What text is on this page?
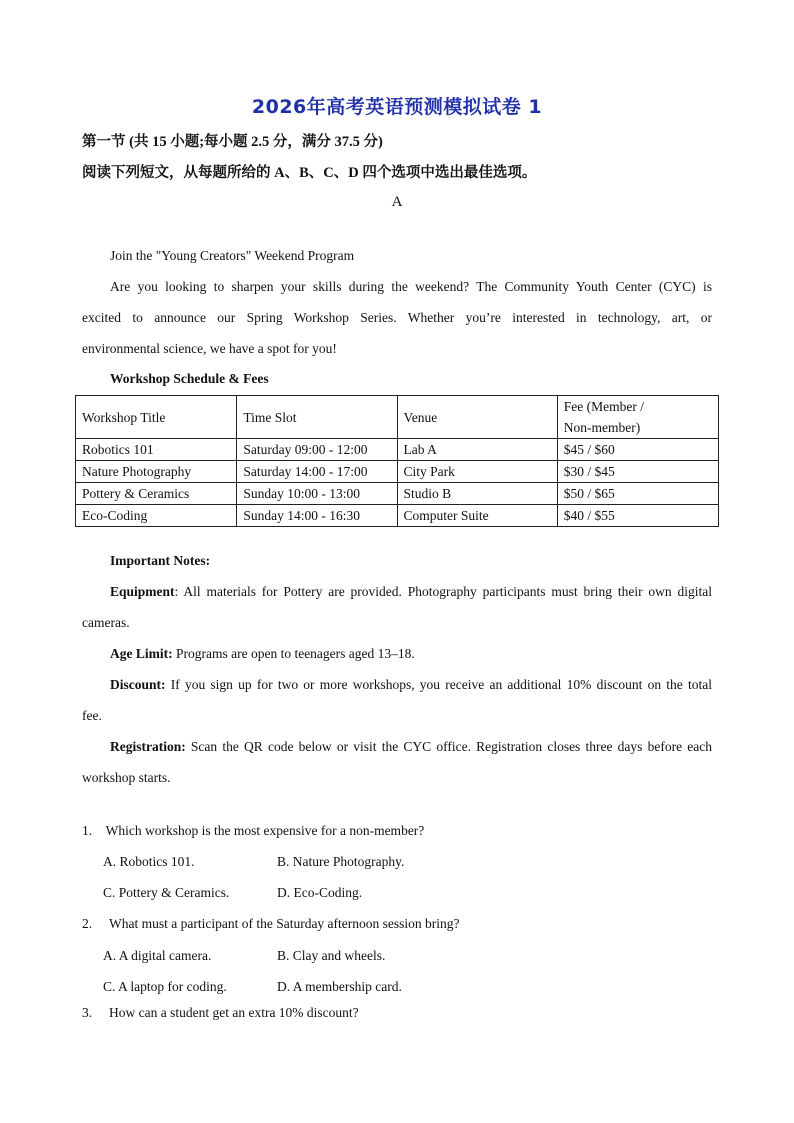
2026年高考英语预测模拟试卷 1
第一节 (共 15 小题;每小题 2.5 分，满分 37.5 分)
阅读下列短文，从每题所给的 A、B、C、D 四个选项中选出最佳选项。
A

Join the "Young Creators" Weekend Program

Are you looking to sharpen your skills during the weekend? The Community Youth Center (CYC) is

excited to announce our Spring Workshop Series. Whether you’re interested in technology, art, or

environmental science, we have a spot for you!

Workshop Schedule & Fees
Workshop Title	Time Slot	Venue	Fee (Member /
Non-member)
Robotics 101	Saturday 09:00 - 12:00	Lab A	$45 / $60
Nature Photography	Saturday 14:00 - 17:00	City Park	$30 / $45
Pottery & Ceramics	Sunday 10:00 - 13:00	Studio B	$50 / $65
Eco-Coding	Sunday 14:00 - 16:30	Computer Suite	$40 / $55

Important Notes:

Equipment: All materials for Pottery are provided. Photography participants must bring their own digital

cameras.

Age Limit: Programs are open to teenagers aged 13–18.

Discount: If you sign up for two or more workshops, you receive an additional 10% discount on the total

fee.

Registration: Scan the QR code below or visit the CYC office. Registration closes three days before each

workshop starts.

1. Which workshop is the most expensive for a non-member?
A. Robotics 101.	B. Nature Photography.
C. Pottery & Ceramics.	D. Eco-Coding.
2. What must a participant of the Saturday afternoon session bring?
A. A digital camera.	B. Clay and wheels.
C. A laptop for coding.	D. A membership card.
3. How can a student get an extra 10% discount?
